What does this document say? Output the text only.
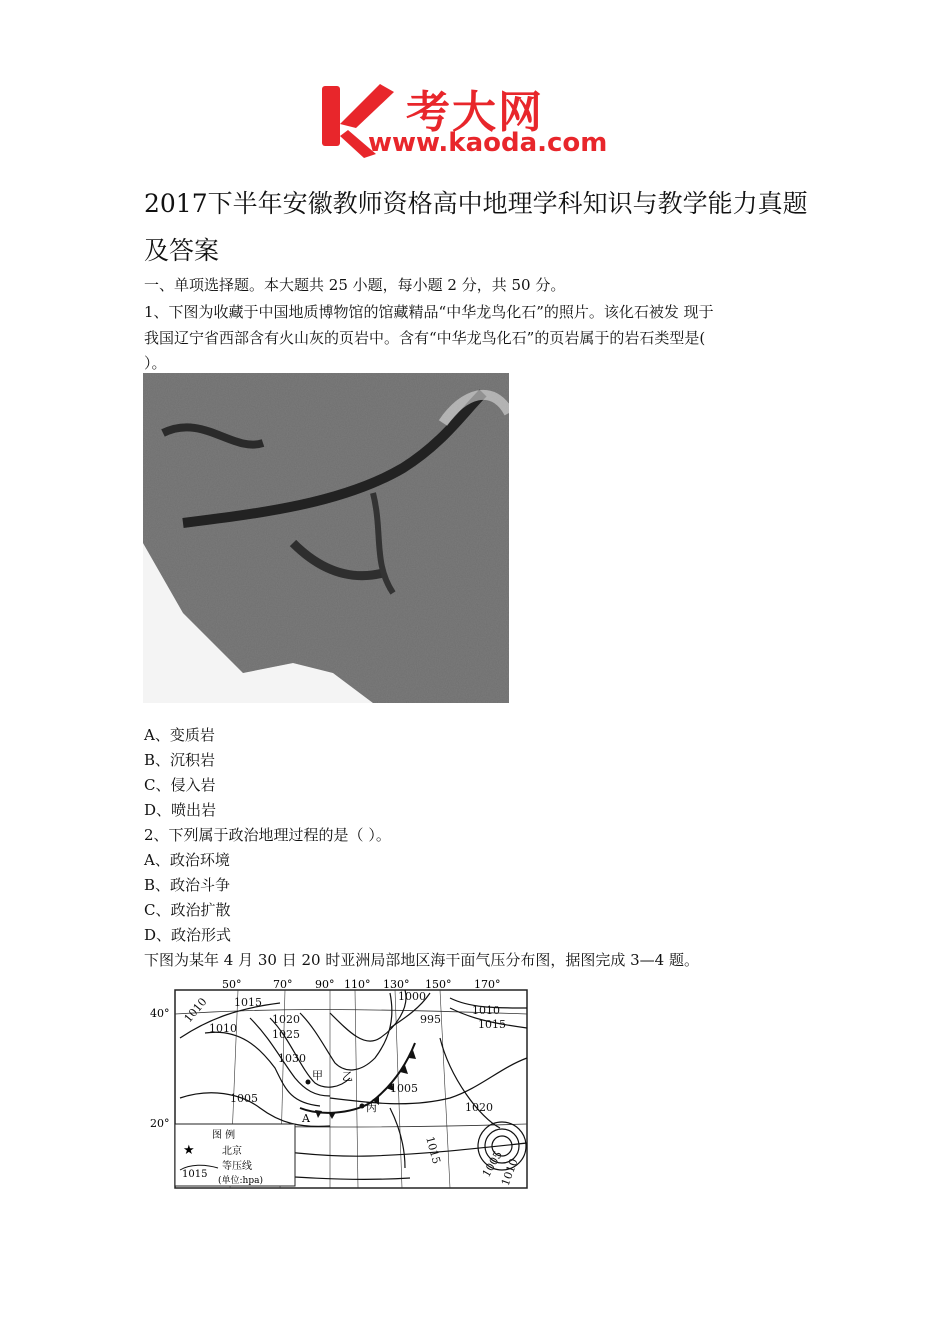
考大网
www.kaoda.com
2017下半年安徽教师资格高中地理学科知识与教学能力真题及答案
一、单项选择题。本大题共 25 小题，每小题 2 分，共 50 分。
1、下图为收藏于中国地质博物馆的馆藏精品“中华龙鸟化石”的照片。该化石被发 现于
我国辽宁省西部含有火山灰的页岩中。含有“中华龙鸟化石”的页岩属于的岩石类型是(
）。
A、变质岩
B、沉积岩
C、侵入岩
D、喷出岩
2、下列属于政治地理过程的是（ ）。
A、政治环境
B、政治斗争
C、政治扩散
D、政治形式
下图为某年 4 月 30 日 20 时亚洲局部地区海干面气压分布图，据图完成 3—4 题。
50°	70° 90° 110° 130° 150° 170°
40°
20°
1010 1015
1020
1010	1025
1030
1005
1000
995
1005
1010
1015
1015
1020
1005
1010
甲 乙
丙
A
图 例
★	北京
1015
等压线
(单位:hpa)
